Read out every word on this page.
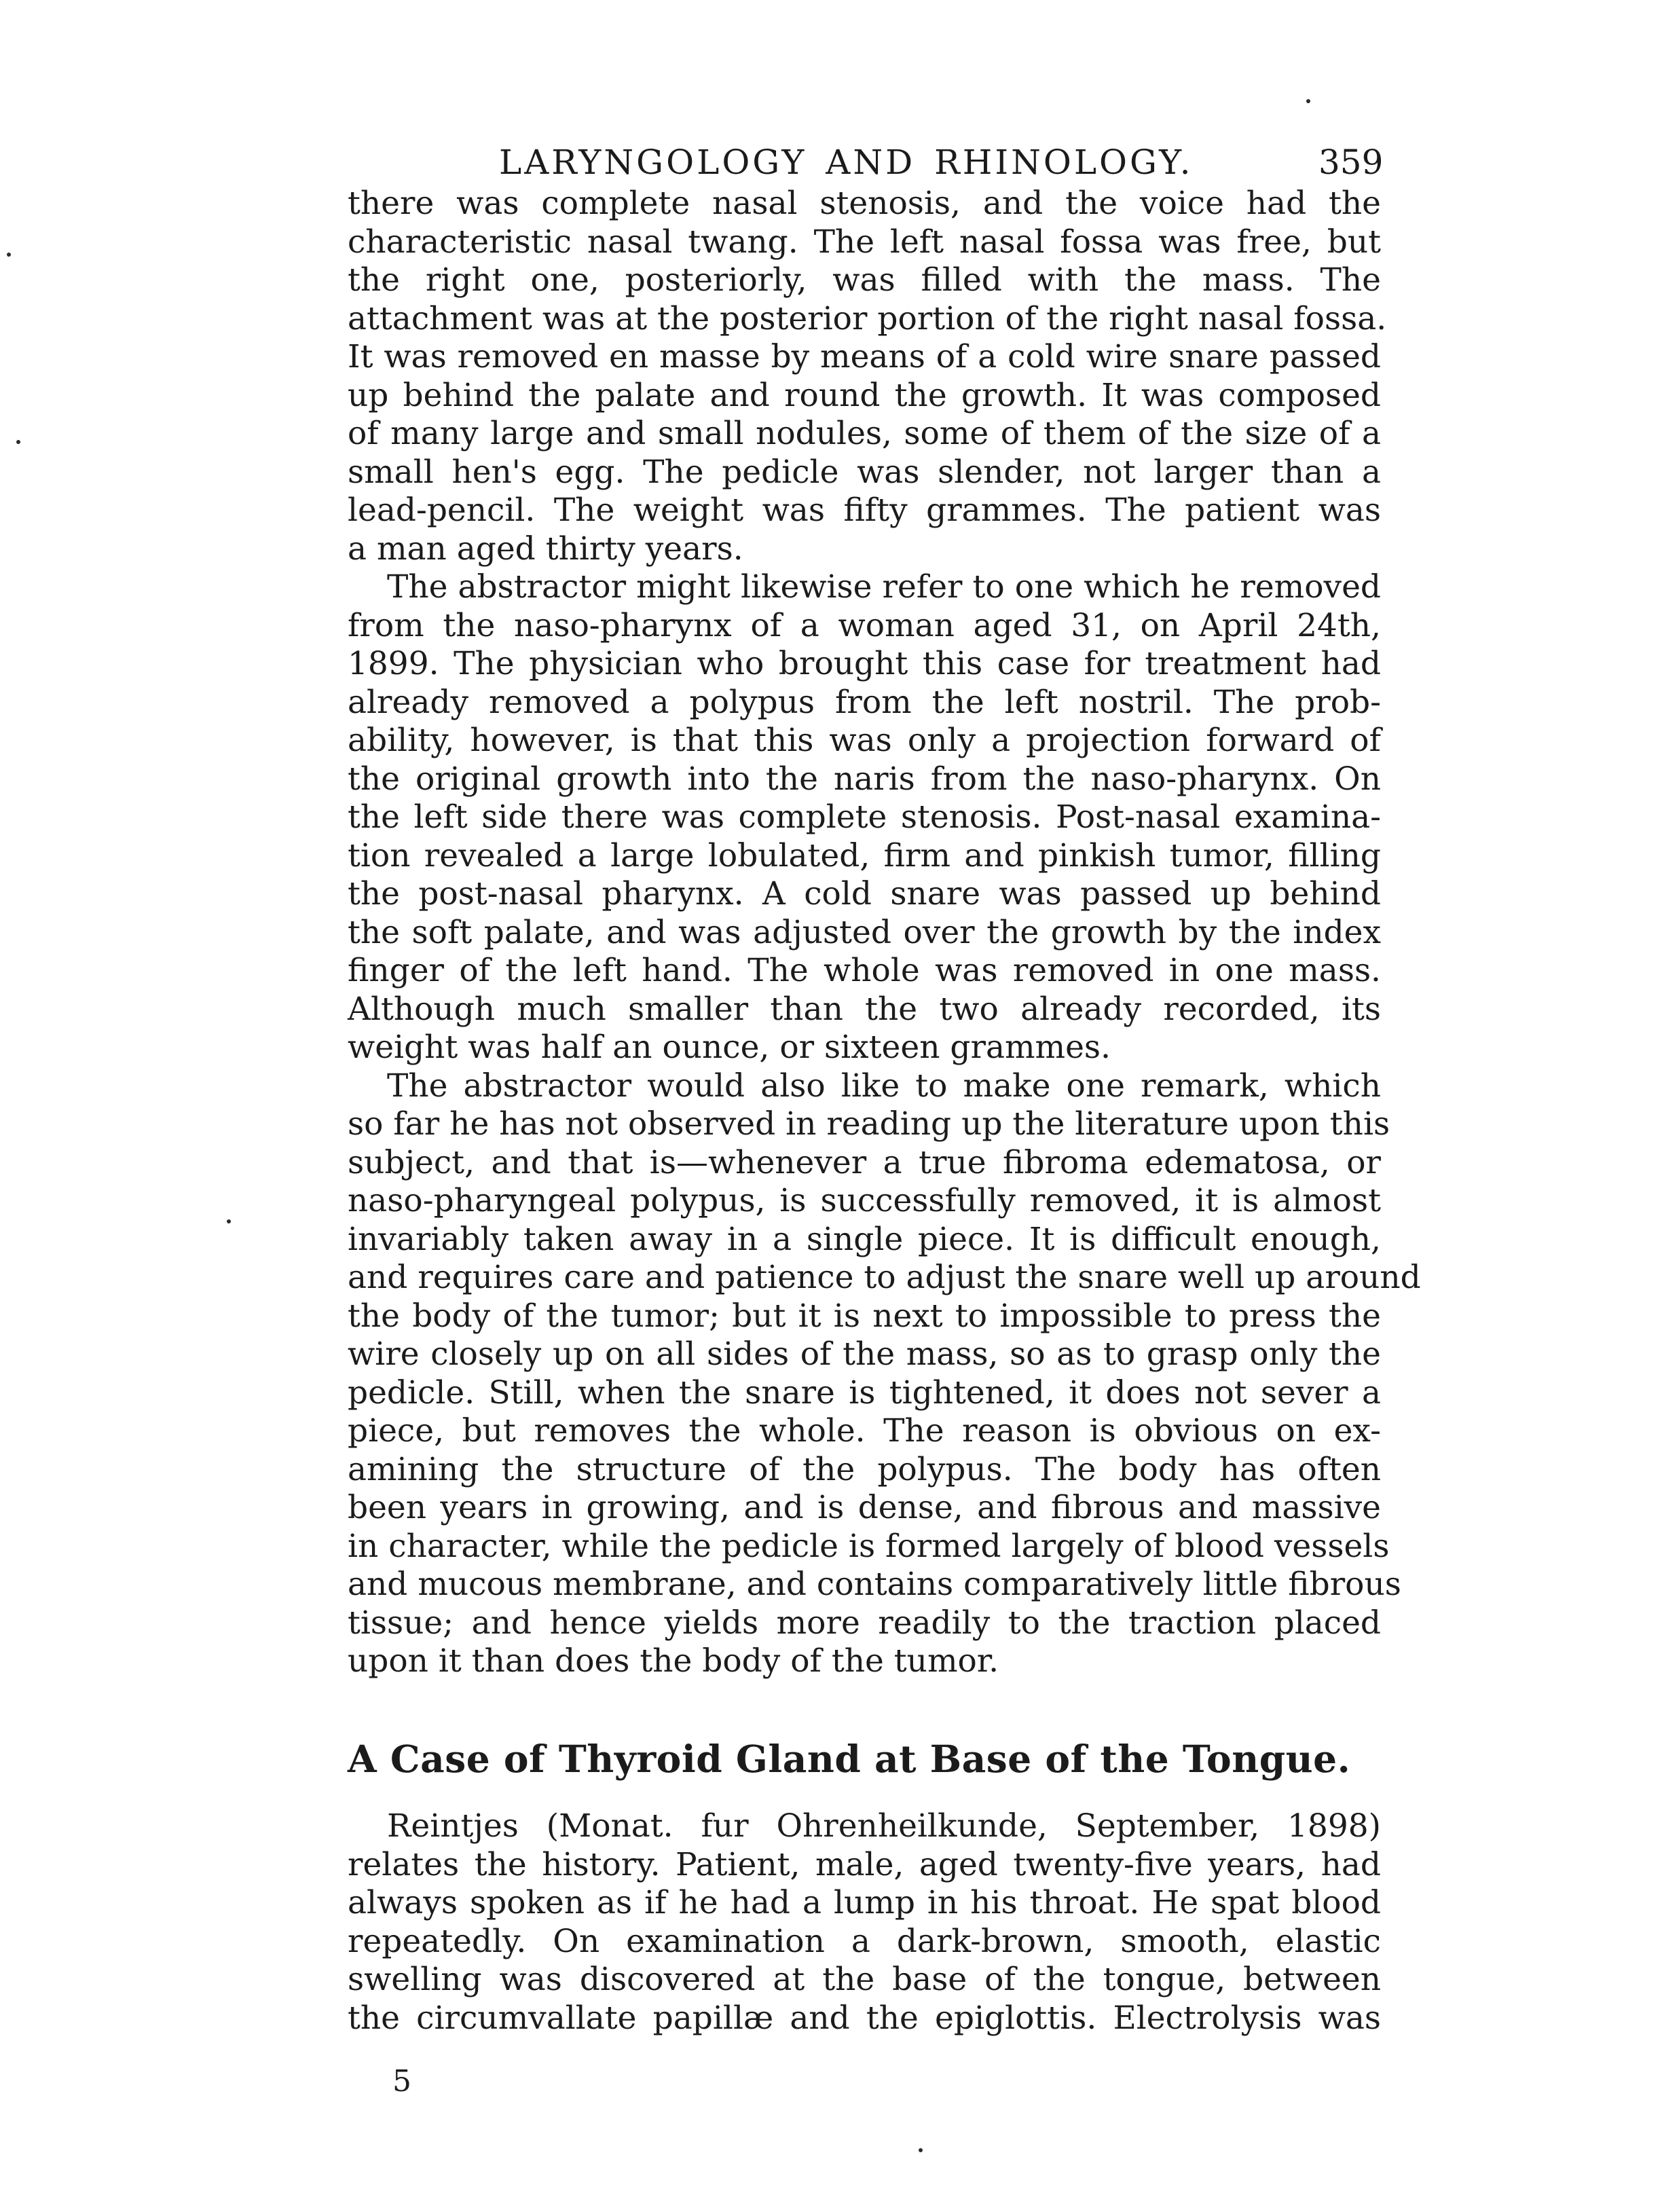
LARYNGOLOGY AND RHINOLOGY.	359
there was complete nasal stenosis, and the voice had the
characteristic nasal twang. The left nasal fossa was free, but
the right one, posteriorly, was filled with the mass. The
attachment was at the posterior portion of the right nasal fossa.
It was removed en masse by means of a cold wire snare passed
up behind the palate and round the growth. It was composed
of many large and small nodules, some of them of the size of a
small hen's egg. The pedicle was slender, not larger than a
lead-pencil. The weight was fifty grammes. The patient was
a man aged thirty years.
The abstractor might likewise refer to one which he removed
from the naso-pharynx of a woman aged 31, on April 24th,
1899. The physician who brought this case for treatment had
already removed a polypus from the left nostril. The prob-
ability, however, is that this was only a projection forward of
the original growth into the naris from the naso-pharynx. On
the left side there was complete stenosis. Post-nasal examina-
tion revealed a large lobulated, firm and pinkish tumor, filling
the post-nasal pharynx. A cold snare was passed up behind
the soft palate, and was adjusted over the growth by the index
finger of the left hand. The whole was removed in one mass.
Although much smaller than the two already recorded, its
weight was half an ounce, or sixteen grammes.
The abstractor would also like to make one remark, which
so far he has not observed in reading up the literature upon this
subject, and that is—whenever a true fibroma edematosa, or
naso-pharyngeal polypus, is successfully removed, it is almost
invariably taken away in a single piece. It is difficult enough,
and requires care and patience to adjust the snare well up around
the body of the tumor; but it is next to impossible to press the
wire closely up on all sides of the mass, so as to grasp only the
pedicle. Still, when the snare is tightened, it does not sever a
piece, but removes the whole. The reason is obvious on ex-
amining the structure of the polypus. The body has often
been years in growing, and is dense, and fibrous and massive
in character, while the pedicle is formed largely of blood vessels
and mucous membrane, and contains comparatively little fibrous
tissue; and hence yields more readily to the traction placed
upon it than does the body of the tumor.
A Case of Thyroid Gland at Base of the Tongue.
Reintjes (Monat. fur Ohrenheilkunde, September, 1898)
relates the history. Patient, male, aged twenty-five years, had
always spoken as if he had a lump in his throat. He spat blood
repeatedly. On examination a dark-brown, smooth, elastic
swelling was discovered at the base of the tongue, between
the circumvallate papillæ and the epiglottis. Electrolysis was
5
